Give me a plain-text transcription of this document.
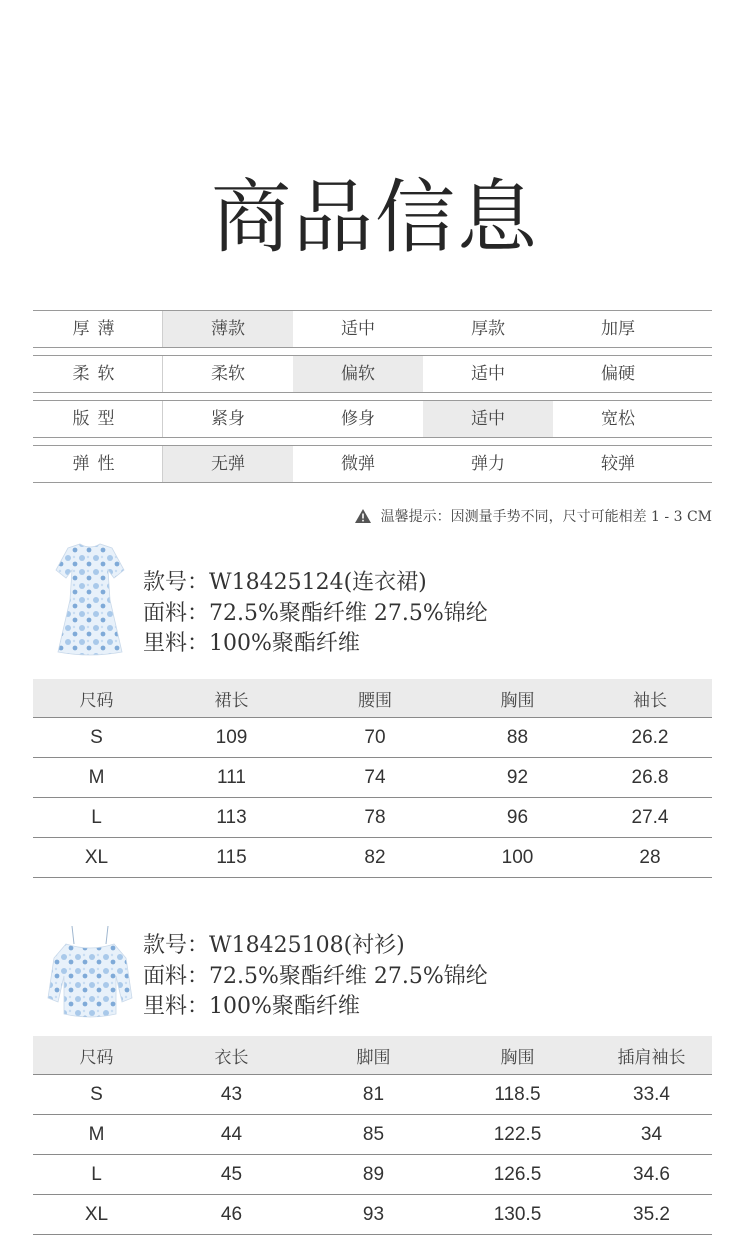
商品信息
厚薄	薄款	适中	厚款	加厚
柔软	柔软	偏软	适中	偏硬
版型	紧身	修身	适中	宽松
弹性	无弹	微弹	弹力	较弹
温馨提示：因测量手势不同，尺寸可能相差 1 - 3 CM
款号：W18425124(连衣裙)
面料：72.5%聚酯纤维 27.5%锦纶
里料：100%聚酯纤维
尺码	裙长	腰围	胸围	袖长
S	109	70	88	26.2
M	111	74	92	26.8
L	113	78	96	27.4
XL	115	82	100	28
款号：W18425108(衬衫)
面料：72.5%聚酯纤维 27.5%锦纶
里料：100%聚酯纤维
尺码	衣长	脚围	胸围	插肩袖长
S	43	81	118.5	33.4
M	44	85	122.5	34
L	45	89	126.5	34.6
XL	46	93	130.5	35.2
